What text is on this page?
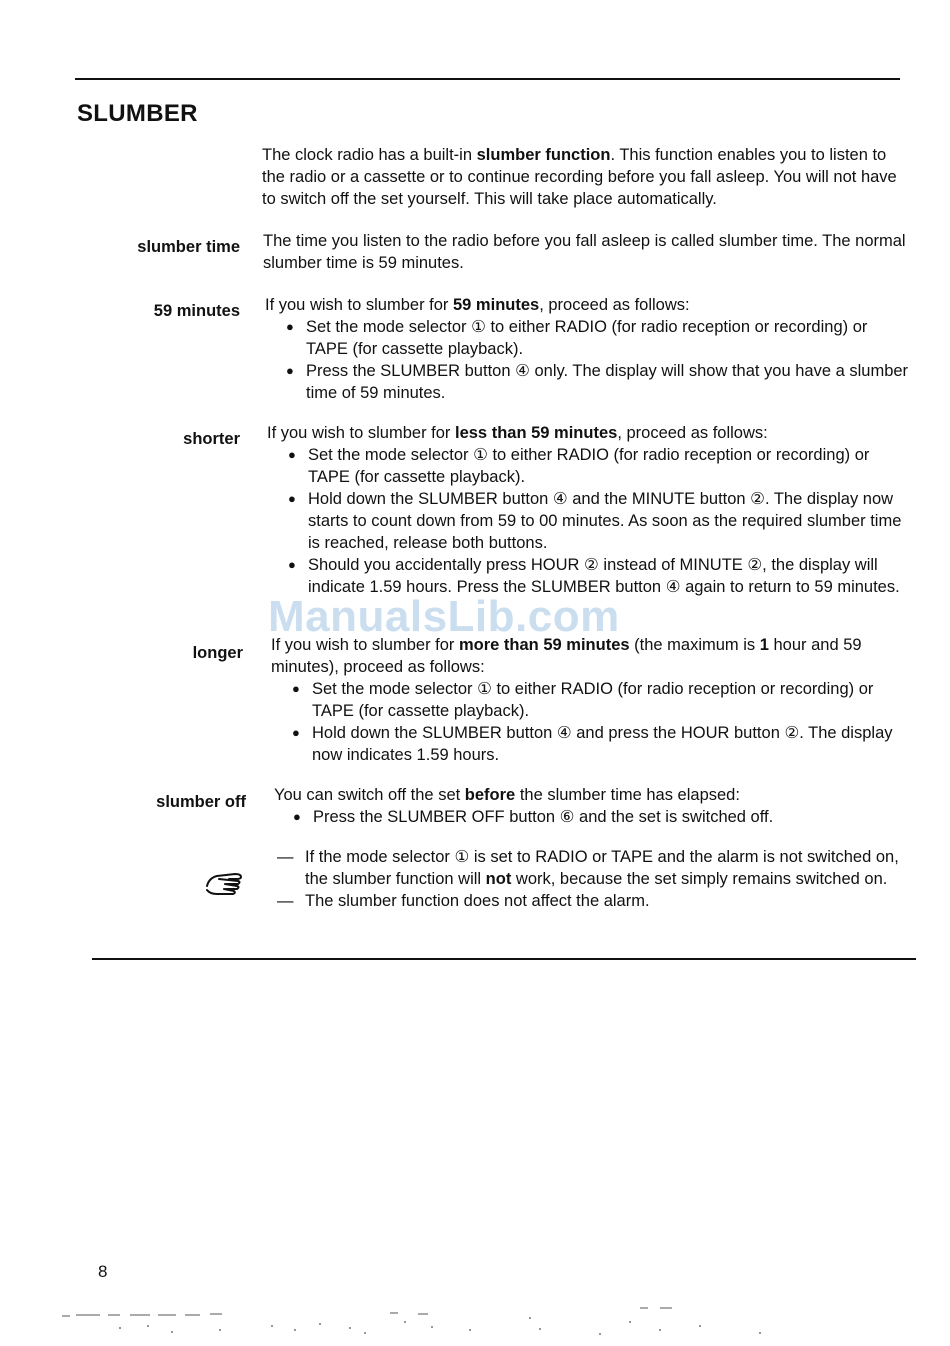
SLUMBER
The clock radio has a built-in slumber function. This function enables you to listen to the radio or a cassette or to continue recording before you fall asleep. You will not have to switch off the set yourself. This will take place automatically.
slumber time The time you listen to the radio before you fall asleep is called slumber time. The normal slumber time is 59 minutes.
59 minutes If you wish to slumber for 59 minutes, proceed as follows:

● Set the mode selector ① to either RADIO (for radio reception or recording) or TAPE (for cassette playback).
● Press the SLUMBER button ④ only. The display will show that you have a slumber time of 59 minutes.
shorter If you wish to slumber for less than 59 minutes, proceed as follows:

● Set the mode selector ① to either RADIO (for radio reception or recording) or TAPE (for cassette playback).
● Hold down the SLUMBER button ④ and the MINUTE button ②. The display now starts to count down from 59 to 00 minutes. As soon as the required slumber time is reached, release both buttons.
● Should you accidentally press HOUR ② instead of MINUTE ②, the display will indicate 1.59 hours. Press the SLUMBER button ④ again to return to 59 minutes.
ManualsLib.com
longer If you wish to slumber for more than 59 minutes (the maximum is 1 hour and 59 minutes), proceed as follows:

● Set the mode selector ① to either RADIO (for radio reception or recording) or TAPE (for cassette playback).
● Hold down the SLUMBER button ④ and press the HOUR button ②. The display now indicates 1.59 hours.
slumber off You can switch off the set before the slumber time has elapsed:

● Press the SLUMBER OFF button ⑥ and the set is switched off.
— If the mode selector ① is set to RADIO or TAPE and the alarm is not switched on, the slumber function will not work, because the set simply remains switched on.
— The slumber function does not affect the alarm.
8
